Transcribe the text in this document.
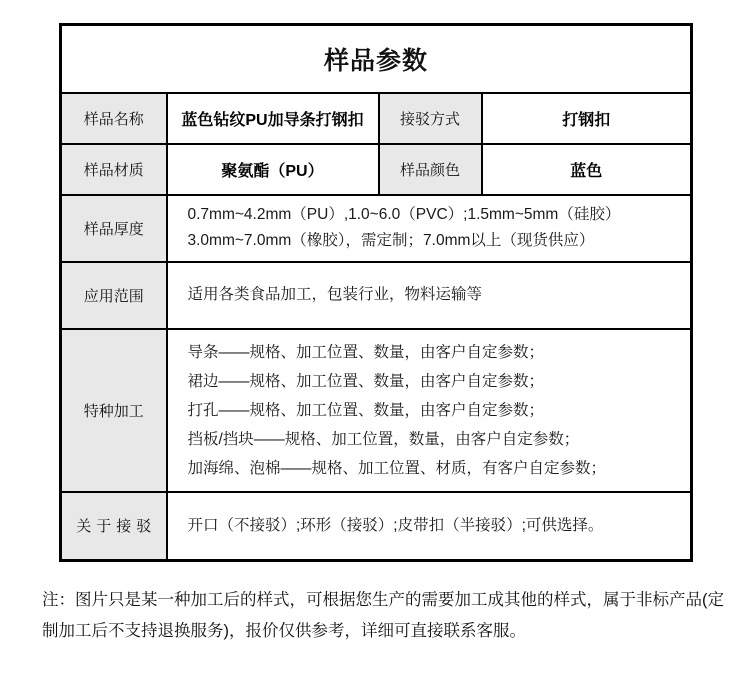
样品参数			
样品名称	蓝色钻纹PU加导条打钢扣	接驳方式	打钢扣
样品材质	聚氨酯（PU）	样品颜色	蓝色
样品厚度	0.7mm~4.2mm（PU）,1.0~6.0（PVC）;1.5mm~5mm（硅胶）
3.0mm~7.0mm（橡胶），需定制；7.0mm以上（现货供应）		

应用范围	适用各类食品加工，包装行业，物料运输等		

特种加工	导条——规格、加工位置、数量，由客户自定参数；
裙边——规格、加工位置、数量，由客户自定参数；
打孔——规格、加工位置、数量，由客户自定参数；
挡板/挡块——规格、加工位置，数量，由客户自定参数；
加海绵、泡棉——规格、加工位置、材质，有客户自定参数；		

关于接驳	开口（不接驳）;环形（接驳）;皮带扣（半接驳）;可供选择。		

注：图片只是某一种加工后的样式，可根据您生产的需要加工成其他的样式，属于非标产品(定制加工后不支持退换服务)，报价仅供参考，详细可直接联系客服。
